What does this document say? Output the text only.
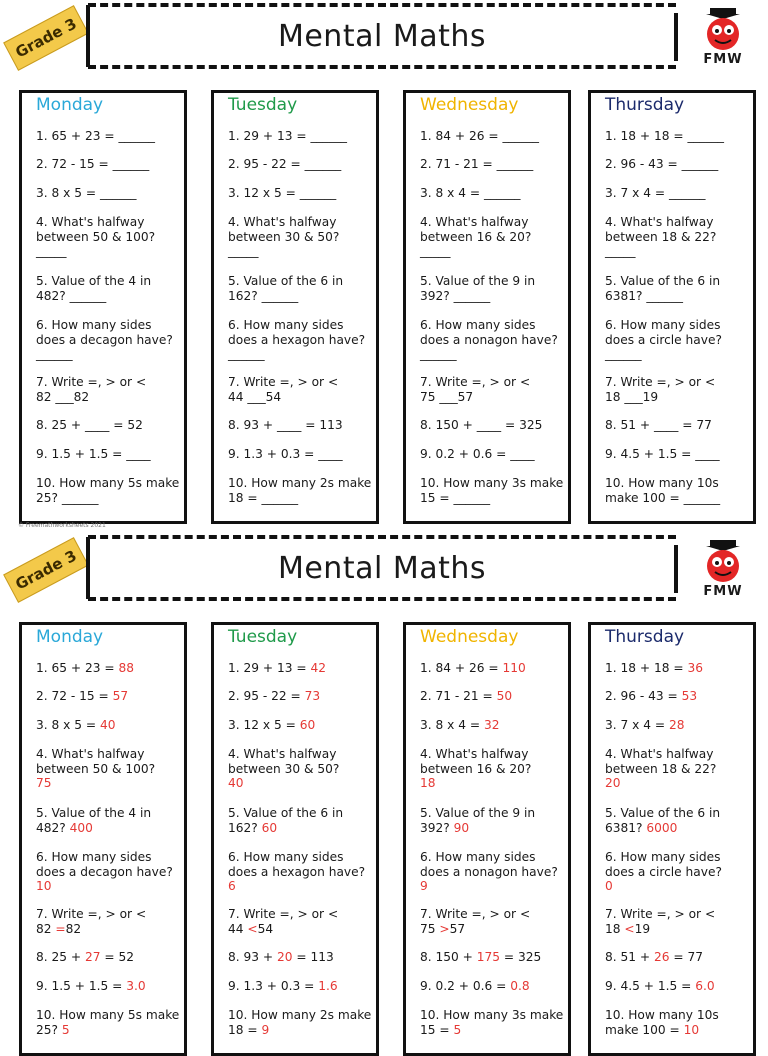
Grade 3	Mental Maths
FMW
Monday
1. 65 + 23 = ______
2. 72 - 15 = ______
3. 8 x 5 = ______
4. What's halfway
between 50 & 100?
_____
5. Value of the 4 in
482? ______
6. How many sides
does a decagon have?
______
7. Write =, > or <
82 ___82
8. 25 + ____ = 52
9. 1.5 + 1.5 = ____
10. How many 5s make
25? ______
Tuesday
1. 29 + 13 = ______
2. 95 - 22 = ______
3. 12 x 5 = ______
4. What's halfway
between 30 & 50?
_____
5. Value of the 6 in
162? ______
6. How many sides
does a hexagon have?
______
7. Write =, > or <
44 ___54
8. 93 + ____ = 113
9. 1.3 + 0.3 = ____
10. How many 2s make
18 = ______
Wednesday
1. 84 + 26 = ______
2. 71 - 21 = ______
3. 8 x 4 = ______
4. What's halfway
between 16 & 20?
_____
5. Value of the 9 in
392? ______
6. How many sides
does a nonagon have?
______
7. Write =, > or <
75 ___57
8. 150 + ____ = 325
9. 0.2 + 0.6 = ____
10. How many 3s make
15 = ______
Thursday
1. 18 + 18 = ______
2. 96 - 43 = ______
3. 7 x 4 = ______
4. What's halfway
between 18 & 22?
_____
5. Value of the 6 in
6381? ______
6. How many sides
does a circle have?
______
7. Write =, > or <
18 ___19
8. 51 + ____ = 77
9. 4.5 + 1.5 = ____
10. How many 10s
make 100 = ______
© Freemathworksheets 2021
Grade 3	Mental Maths
FMW
Monday
1. 65 + 23 = 88
2. 72 - 15 = 57
3. 8 x 5 = 40
4. What's halfway
between 50 & 100?
75
5. Value of the 4 in
482? 400
6. How many sides
does a decagon have?
10
7. Write =, > or <
82 =82
8. 25 + 27 = 52
9. 1.5 + 1.5 = 3.0
10. How many 5s make
25? 5
Tuesday
1. 29 + 13 = 42
2. 95 - 22 = 73
3. 12 x 5 = 60
4. What's halfway
between 30 & 50?
40
5. Value of the 6 in
162? 60
6. How many sides
does a hexagon have?
6
7. Write =, > or <
44 <54
8. 93 + 20 = 113
9. 1.3 + 0.3 = 1.6
10. How many 2s make
18 = 9
Wednesday
1. 84 + 26 = 110
2. 71 - 21 = 50
3. 8 x 4 = 32
4. What's halfway
between 16 & 20?
18
5. Value of the 9 in
392? 90
6. How many sides
does a nonagon have?
9
7. Write =, > or <
75 >57
8. 150 + 175 = 325
9. 0.2 + 0.6 = 0.8
10. How many 3s make
15 = 5
Thursday
1. 18 + 18 = 36
2. 96 - 43 = 53
3. 7 x 4 = 28
4. What's halfway
between 18 & 22?
20
5. Value of the 6 in
6381? 6000
6. How many sides
does a circle have?
0
7. Write =, > or <
18 <19
8. 51 + 26 = 77
9. 4.5 + 1.5 = 6.0
10. How many 10s
make 100 = 10
